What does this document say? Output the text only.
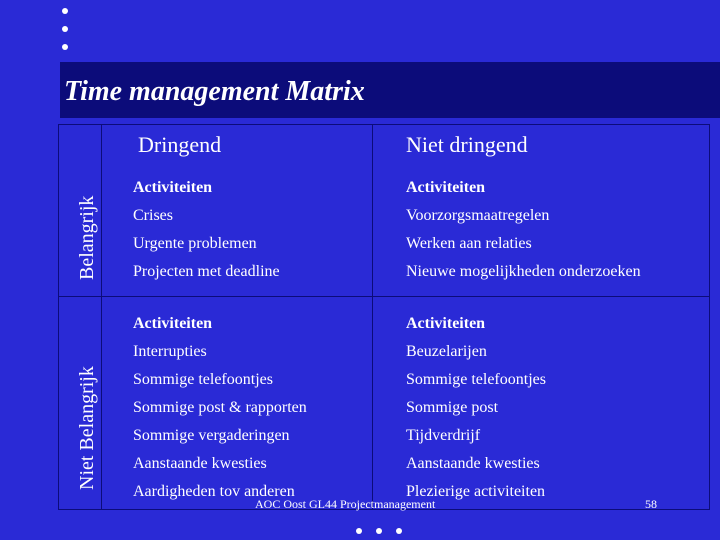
Time management Matrix
Dringend	Niet dringend
Belangrijk
Niet Belangrijk
Activiteiten
Crises
Urgente problemen
Projecten met deadline
Activiteiten
Voorzorgsmaatregelen
Werken aan relaties
Nieuwe mogelijkheden onderzoeken
Activiteiten
Interrupties
Sommige telefoontjes
Sommige post & rapporten
Sommige vergaderingen
Aanstaande kwesties
Aardigheden tov anderen
Activiteiten
Beuzelarijen
Sommige telefoontjes
Sommige post
Tijdverdrijf
Aanstaande kwesties
Plezierige activiteiten
AOC Oost GL44 Projectmanagement	58
